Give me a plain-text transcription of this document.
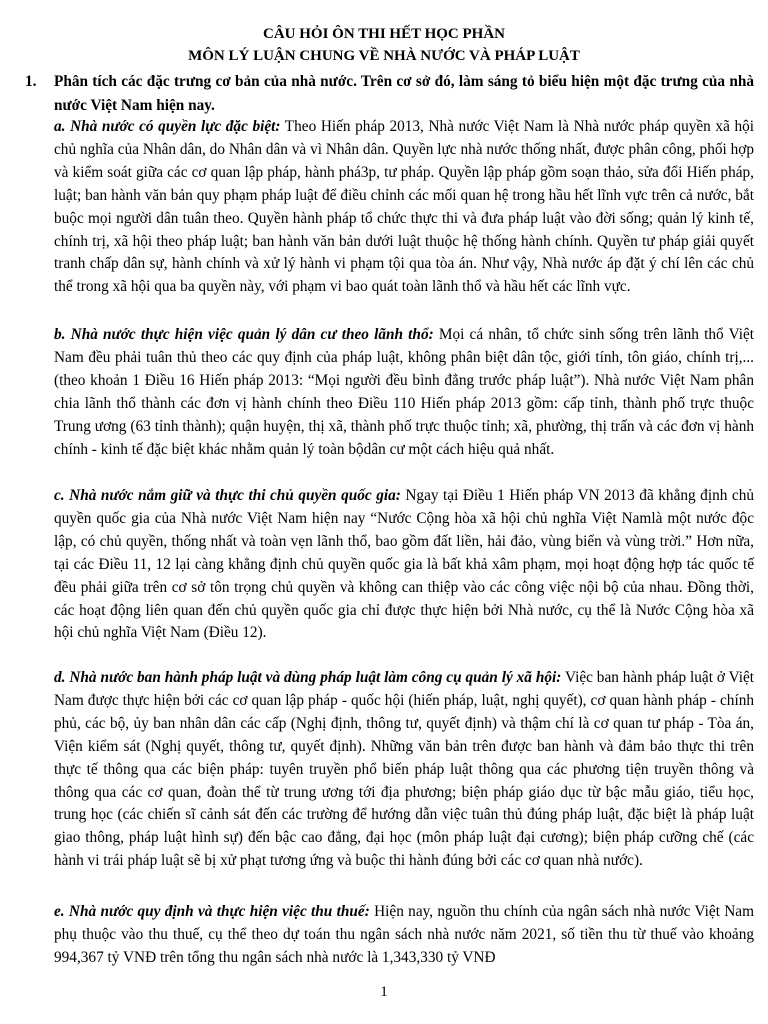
CÂU HỎI ÔN THI HẾT HỌC PHẦN
MÔN LÝ LUẬN CHUNG VỀ NHÀ NƯỚC VÀ PHÁP LUẬT
1. Phân tích các đặc trưng cơ bản của nhà nước. Trên cơ sở đó, làm sáng tỏ biểu hiện một đặc trưng của nhà nước Việt Nam hiện nay.
a. Nhà nước có quyền lực đặc biệt: Theo Hiến pháp 2013, Nhà nước Việt Nam là Nhà nước pháp quyền xã hội chủ nghĩa của Nhân dân, do Nhân dân và vì Nhân dân. Quyền lực nhà nước thống nhất, được phân công, phối hợp và kiểm soát giữa các cơ quan lập pháp, hành phá3p, tư pháp. Quyền lập pháp gồm soạn thảo, sửa đổi Hiến pháp, luật; ban hành văn bản quy phạm pháp luật để điều chỉnh các mối quan hệ trong hầu hết lĩnh vực trên cả nước, bắt buộc mọi người dân tuân theo. Quyền hành pháp tổ chức thực thi và đưa pháp luật vào đời sống; quản lý kinh tế, chính trị, xã hội theo pháp luật; ban hành văn bản dưới luật thuộc hệ thống hành chính. Quyền tư pháp giải quyết tranh chấp dân sự, hành chính và xử lý hành vi phạm tội qua tòa án. Như vậy, Nhà nước áp đặt ý chí lên các chủ thể trong xã hội qua ba quyền này, với phạm vi bao quát toàn lãnh thổ và hầu hết các lĩnh vực.
b. Nhà nước thực hiện việc quản lý dân cư theo lãnh thổ: Mọi cá nhân, tổ chức sinh sống trên lãnh thổ Việt Nam đều phải tuân thủ theo các quy định của pháp luật, không phân biệt dân tộc, giới tính, tôn giáo, chính trị,... (theo khoản 1 Điều 16 Hiến pháp 2013: “Mọi người đều bình đẳng trước pháp luật”). Nhà nước Việt Nam phân chia lãnh thổ thành các đơn vị hành chính theo Điều 110 Hiến pháp 2013 gồm: cấp tỉnh, thành phố trực thuộc Trung ương (63 tỉnh thành); quận huyện, thị xã, thành phố trực thuộc tỉnh; xã, phường, thị trấn và các đơn vị hành chính - kinh tế đặc biệt khác nhằm quản lý toàn bộdân cư một cách hiệu quả nhất.
c. Nhà nước nắm giữ và thực thi chủ quyền quốc gia: Ngay tại Điều 1 Hiến pháp VN 2013 đã khẳng định chủ quyền quốc gia của Nhà nước Việt Nam hiện nay “Nước Cộng hòa xã hội chủ nghĩa Việt Namlà một nước độc lập, có chủ quyền, thống nhất và toàn vẹn lãnh thổ, bao gồm đất liền, hải đảo, vùng biển và vùng trời.” Hơn nữa, tại các Điều 11, 12 lại càng khẳng định chủ quyền quốc gia là bất khả xâm phạm, mọi hoạt động hợp tác quốc tế đều phải giữa trên cơ sở tôn trọng chủ quyền và không can thiệp vào các công việc nội bộ của nhau. Đồng thời, các hoạt động liên quan đến chủ quyền quốc gia chỉ được thực hiện bởi Nhà nước, cụ thể là Nước Cộng hòa xã hội chủ nghĩa Việt Nam (Điều 12).
d. Nhà nước ban hành pháp luật và dùng pháp luật làm công cụ quản lý xã hội: Việc ban hành pháp luật ở Việt Nam được thực hiện bởi các cơ quan lập pháp - quốc hội (hiến pháp, luật, nghị quyết), cơ quan hành pháp - chính phủ, các bộ, ủy ban nhân dân các cấp (Nghị định, thông tư, quyết định) và thậm chí là cơ quan tư pháp - Tòa án, Viện kiểm sát (Nghị quyết, thông tư, quyết định). Những văn bản trên được ban hành và đảm bảo thực thi trên thực tế thông qua các biện pháp: tuyên truyền phổ biến pháp luật thông qua các phương tiện truyền thông và thông qua các cơ quan, đoàn thể từ trung ương tới địa phương; biện pháp giáo dục từ bậc mẫu giáo, tiểu học, trung học (các chiến sĩ cảnh sát đến các trường để hướng dẫn việc tuân thủ đúng pháp luật, đặc biệt là pháp luật giao thông, pháp luật hình sự) đến bậc cao đẳng, đại học (môn pháp luật đại cương); biện pháp cưỡng chế (các hành vi trái pháp luật sẽ bị xử phạt tương ứng và buộc thi hành đúng bởi các cơ quan nhà nước).
e. Nhà nước quy định và thực hiện việc thu thuế: Hiện nay, nguồn thu chính của ngân sách nhà nước Việt Nam phụ thuộc vào thu thuế, cụ thể theo dự toán thu ngân sách nhà nước năm 2021, số tiền thu từ thuế vào khoảng 994,367 tỷ VNĐ trên tổng thu ngân sách nhà nước là 1,343,330 tỷ VNĐ
1
